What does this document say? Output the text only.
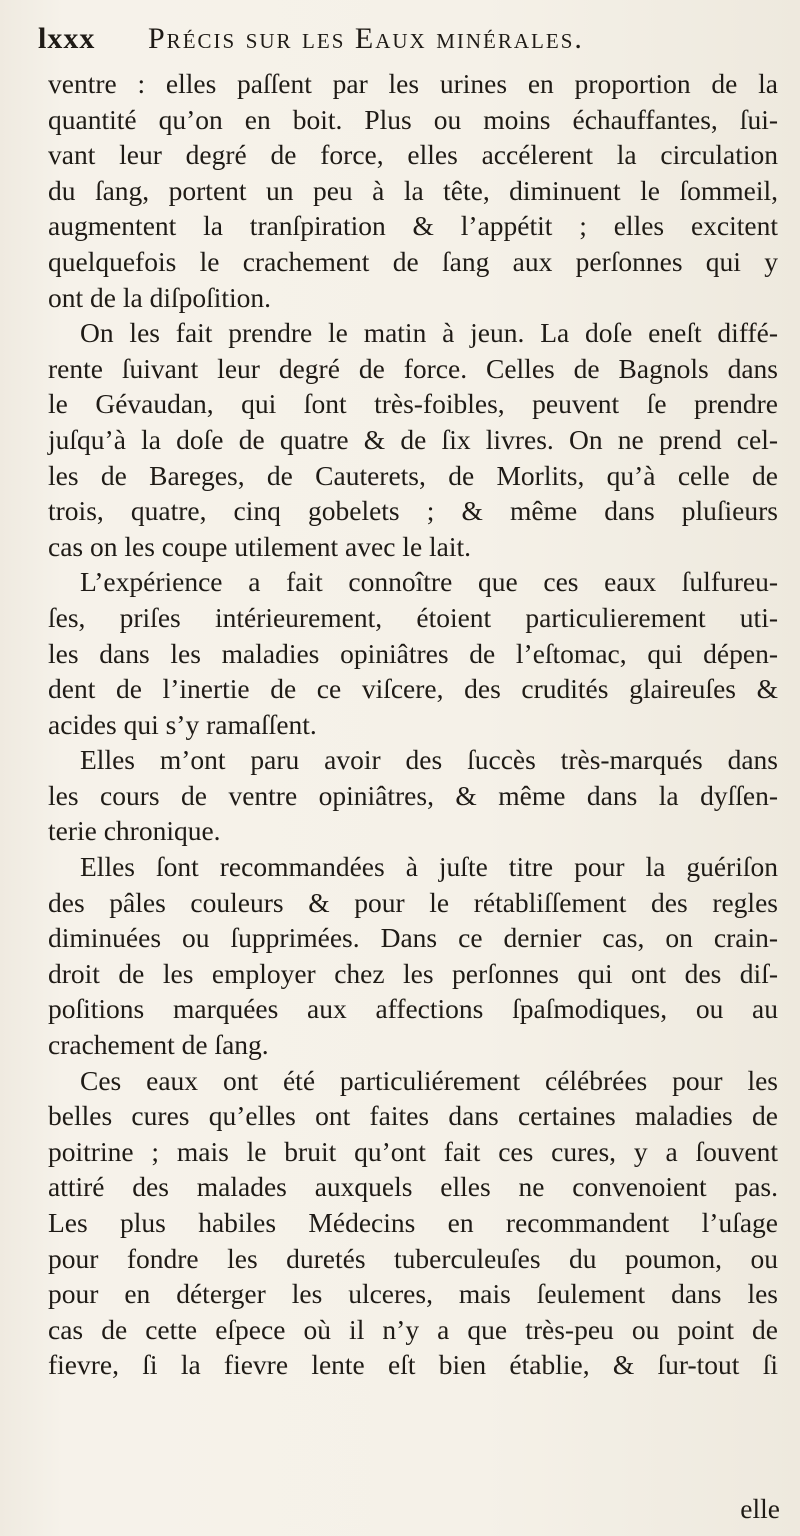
lxxx	Précis sur les Eaux minérales.
ventre : elles paſſent par les urines en proportion de la
quantité qu’on en boit. Plus ou moins échauffantes, ſui-
vant leur degré de force, elles accélerent la circulation
du ſang, portent un peu à la tête, diminuent le ſommeil,
augmentent la tranſpiration & l’appétit ; elles excitent
quelquefois le crachement de ſang aux perſonnes qui y
ont de la diſpoſition.
On les fait prendre le matin à jeun. La doſe eneſt diffé-
rente ſuivant leur degré de force. Celles de Bagnols dans
le Gévaudan, qui ſont très-foibles, peuvent ſe prendre
juſqu’à la doſe de quatre & de ſix livres. On ne prend cel-
les de Bareges, de Cauterets, de Morlits, qu’à celle de
trois, quatre, cinq gobelets ; & même dans pluſieurs
cas on les coupe utilement avec le lait.
L’expérience a fait connoître que ces eaux ſulfureu-
ſes, priſes intérieurement, étoient particulierement uti-
les dans les maladies opiniâtres de l’eſtomac, qui dépen-
dent de l’inertie de ce viſcere, des crudités glaireuſes &
acides qui s’y ramaſſent.
Elles m’ont paru avoir des ſuccès très-marqués dans
les cours de ventre opiniâtres, & même dans la dyſſen-
terie chronique.
Elles ſont recommandées à juſte titre pour la guériſon
des pâles couleurs & pour le rétabliſſement des regles
diminuées ou ſupprimées. Dans ce dernier cas, on crain-
droit de les employer chez les perſonnes qui ont des diſ-
poſitions marquées aux affections ſpaſmodiques, ou au
crachement de ſang.
Ces eaux ont été particuliérement célébrées pour les
belles cures qu’elles ont faites dans certaines maladies de
poitrine ; mais le bruit qu’ont fait ces cures, y a ſouvent
attiré des malades auxquels elles ne convenoient pas.
Les plus habiles Médecins en recommandent l’uſage
pour fondre les duretés tuberculeuſes du poumon, ou
pour en déterger les ulceres, mais ſeulement dans les
cas de cette eſpece où il n’y a que très-peu ou point de
fievre, ſi la fievre lente eſt bien établie, & ſur-tout ſi
elle
